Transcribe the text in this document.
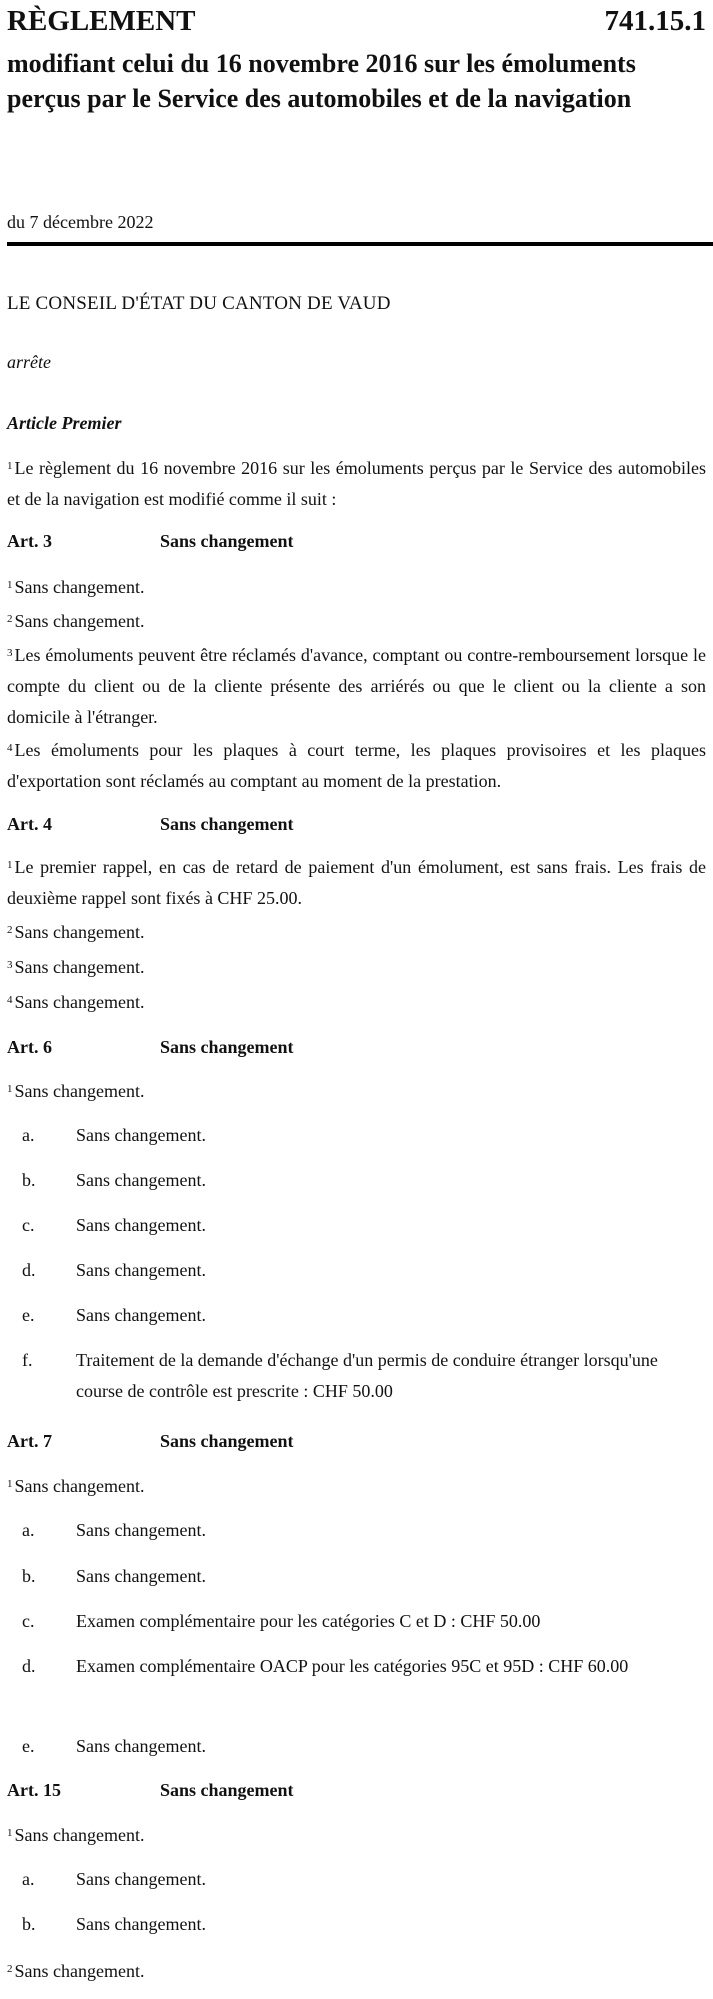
RÈGLEMENT	741.15.1
modifiant celui du 16 novembre 2016 sur les émoluments perçus par le Service des automobiles et de la navigation
du 7 décembre 2022
LE CONSEIL D'ÉTAT DU CANTON DE VAUD
arrête
Article Premier
$^1$ Le règlement du 16 novembre 2016 sur les émoluments perçus par le Service des automobiles et de la navigation est modifié comme il suit :
Art. 3	Sans changement
$^1$ Sans changement.
$^2$ Sans changement.
$^3$ Les émoluments peuvent être réclamés d'avance, comptant ou contre-remboursement lorsque le compte du client ou de la cliente présente des arriérés ou que le client ou la cliente a son domicile à l'étranger.
$^4$ Les émoluments pour les plaques à court terme, les plaques provisoires et les plaques d'exportation sont réclamés au comptant au moment de la prestation.
Art. 4	Sans changement
$^1$ Le premier rappel, en cas de retard de paiement d'un émolument, est sans frais. Les frais de deuxième rappel sont fixés à CHF 25.00.
$^2$ Sans changement.
$^3$ Sans changement.
$^4$ Sans changement.
Art. 6	Sans changement
$^1$ Sans changement.
a. Sans changement.
b. Sans changement.
c. Sans changement.
d. Sans changement.
e. Sans changement.
f. Traitement de la demande d'échange d'un permis de conduire étranger lorsqu'une course de contrôle est prescrite : CHF 50.00
Art. 7	Sans changement
$^1$ Sans changement.
a. Sans changement.
b. Sans changement.
c. Examen complémentaire pour les catégories C et D : CHF 50.00
d. Examen complémentaire OACP pour les catégories 95C et 95D : CHF 60.00
e. Sans changement.
Art. 15	Sans changement
$^1$ Sans changement.
a. Sans changement.
b. Sans changement.
$^2$ Sans changement.
